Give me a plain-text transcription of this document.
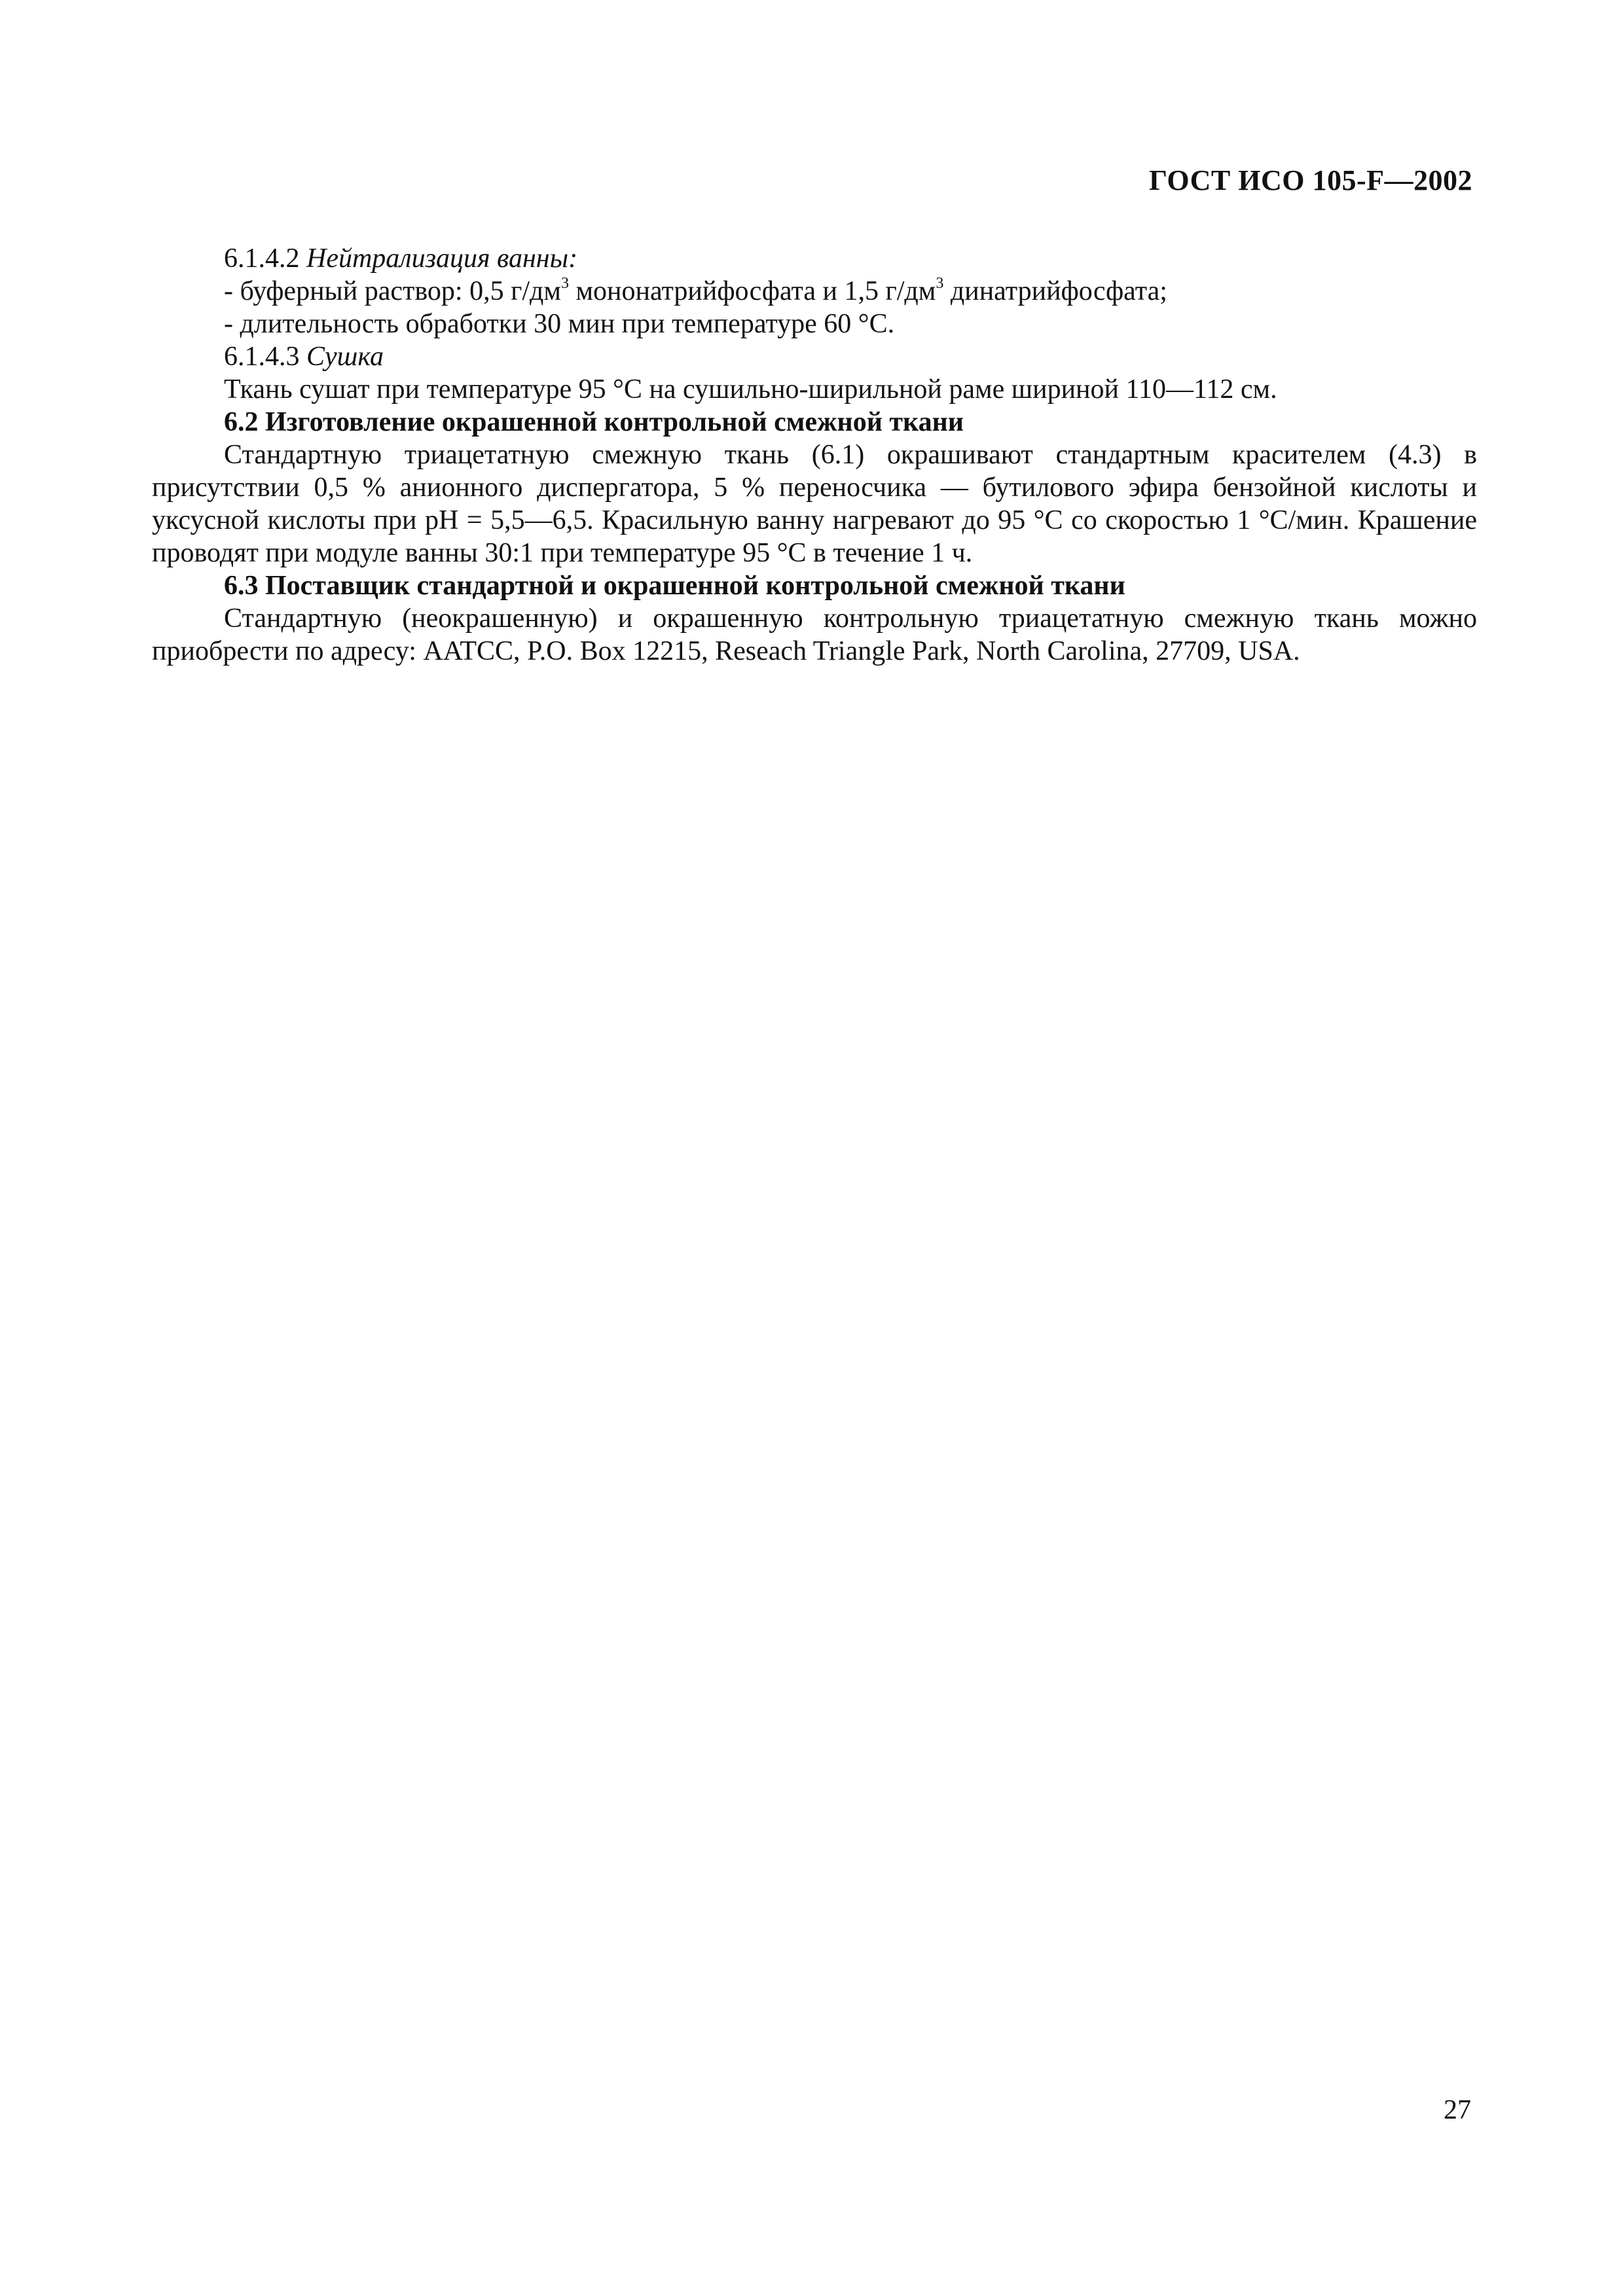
ГОСТ ИСО 105-F—2002

6.1.4.2 Нейтрализация ванны:

- буферный раствор: 0,5 $г/дм^3$ мононатрийфосфата и 1,5 $г/дм^3$ динатрийфосфата;

- длительность обработки 30 мин при температуре 60 °С.

6.1.4.3 Сушка

Ткань сушат при температуре 95 °С на сушильно-ширильной раме шириной 110—112 см.

6.2 Изготовление окрашенной контрольной смежной ткани

Стандартную триацетатную смежную ткань (6.1) окрашивают стандартным красителем (4.3) в присутствии 0,5 % анионного диспергатора, 5 % переносчика — бутилового эфира бензойной кислоты и уксусной кислоты при pH = 5,5—6,5. Красильную ванну нагревают до 95 °С со скоростью 1 °С/мин. Крашение проводят при модуле ванны 30:1 при температуре 95 °С в течение 1 ч.

6.3 Поставщик стандартной и окрашенной контрольной смежной ткани

Стандартную (неокрашенную) и окрашенную контрольную триацетатную смежную ткань можно приобрести по адресу: AATCC, P.O. Box 12215, Reseach Triangle Park, North Carolina, 27709, USA.

27
